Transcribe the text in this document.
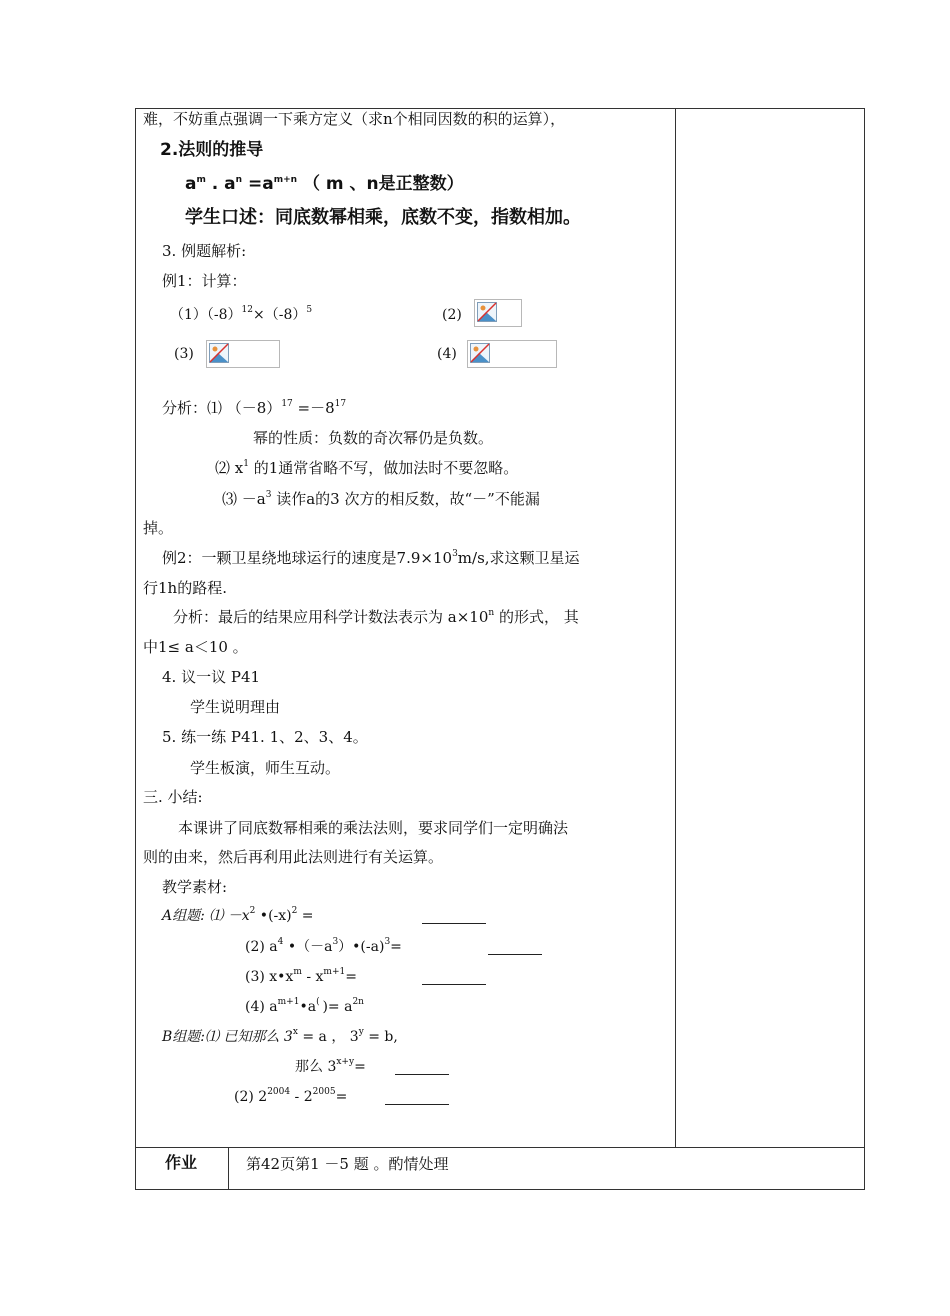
难，不妨重点强调一下乘方定义（求n个相同因数的积的运算），
2.法则的推导
$a^m$ . $a^n =a^{m+n}$ （ m 、n是正整数）
学生口述：同底数幂相乘，底数不变，指数相加。
3. 例题解析:
例1：计算：
$(1)(-8)^{12}\times(-8)^5$	(2)
(3)	(4)
分析：⑴ $(-8)^{17} =-8^{17}$
幂的性质：负数的奇次幂仍是负数。
⑵ $x^1$ 的1通常省略不写，做加法时不要忽略。
⑶ $-a^3$ 读作a的3 次方的相反数，故“－”不能漏
掉。
例2：一颗卫星绕地球运行的速度是$7.9\times 10^3m/s$,求这颗卫星运
行1h的路程.
分析：最后的结果应用科学计数法表示为 $a\times 10^n$ 的形式， 其
中1≤ a＜10 。
4. 议一议 P41
学生说明理由
5. 练一练 P41. 1、2、3、4。
学生板演，师生互动。
三. 小结:
本课讲了同底数幂相乘的乘法法则，要求同学们一定明确法
则的由来，然后再利用此法则进行有关运算。
教学素材:
A组题: ⑴ $-x^2$ $•(-x)^2$ =
(2) $a^4$ $•(-a^3)•(-a)^3=$
(3) $x•x^m - x^{m+1}=$
(4) $a^{m+1}•a^($ )= $a^{2n}$
B组题:⑴ 已知那么 $3^x = a$ ， $3^y = b$,
那么 $3^{x+y}=$
(2) $2^{2004} - 2^{2005}=$
作业	第42页第1 －5 题 。酌情处理
